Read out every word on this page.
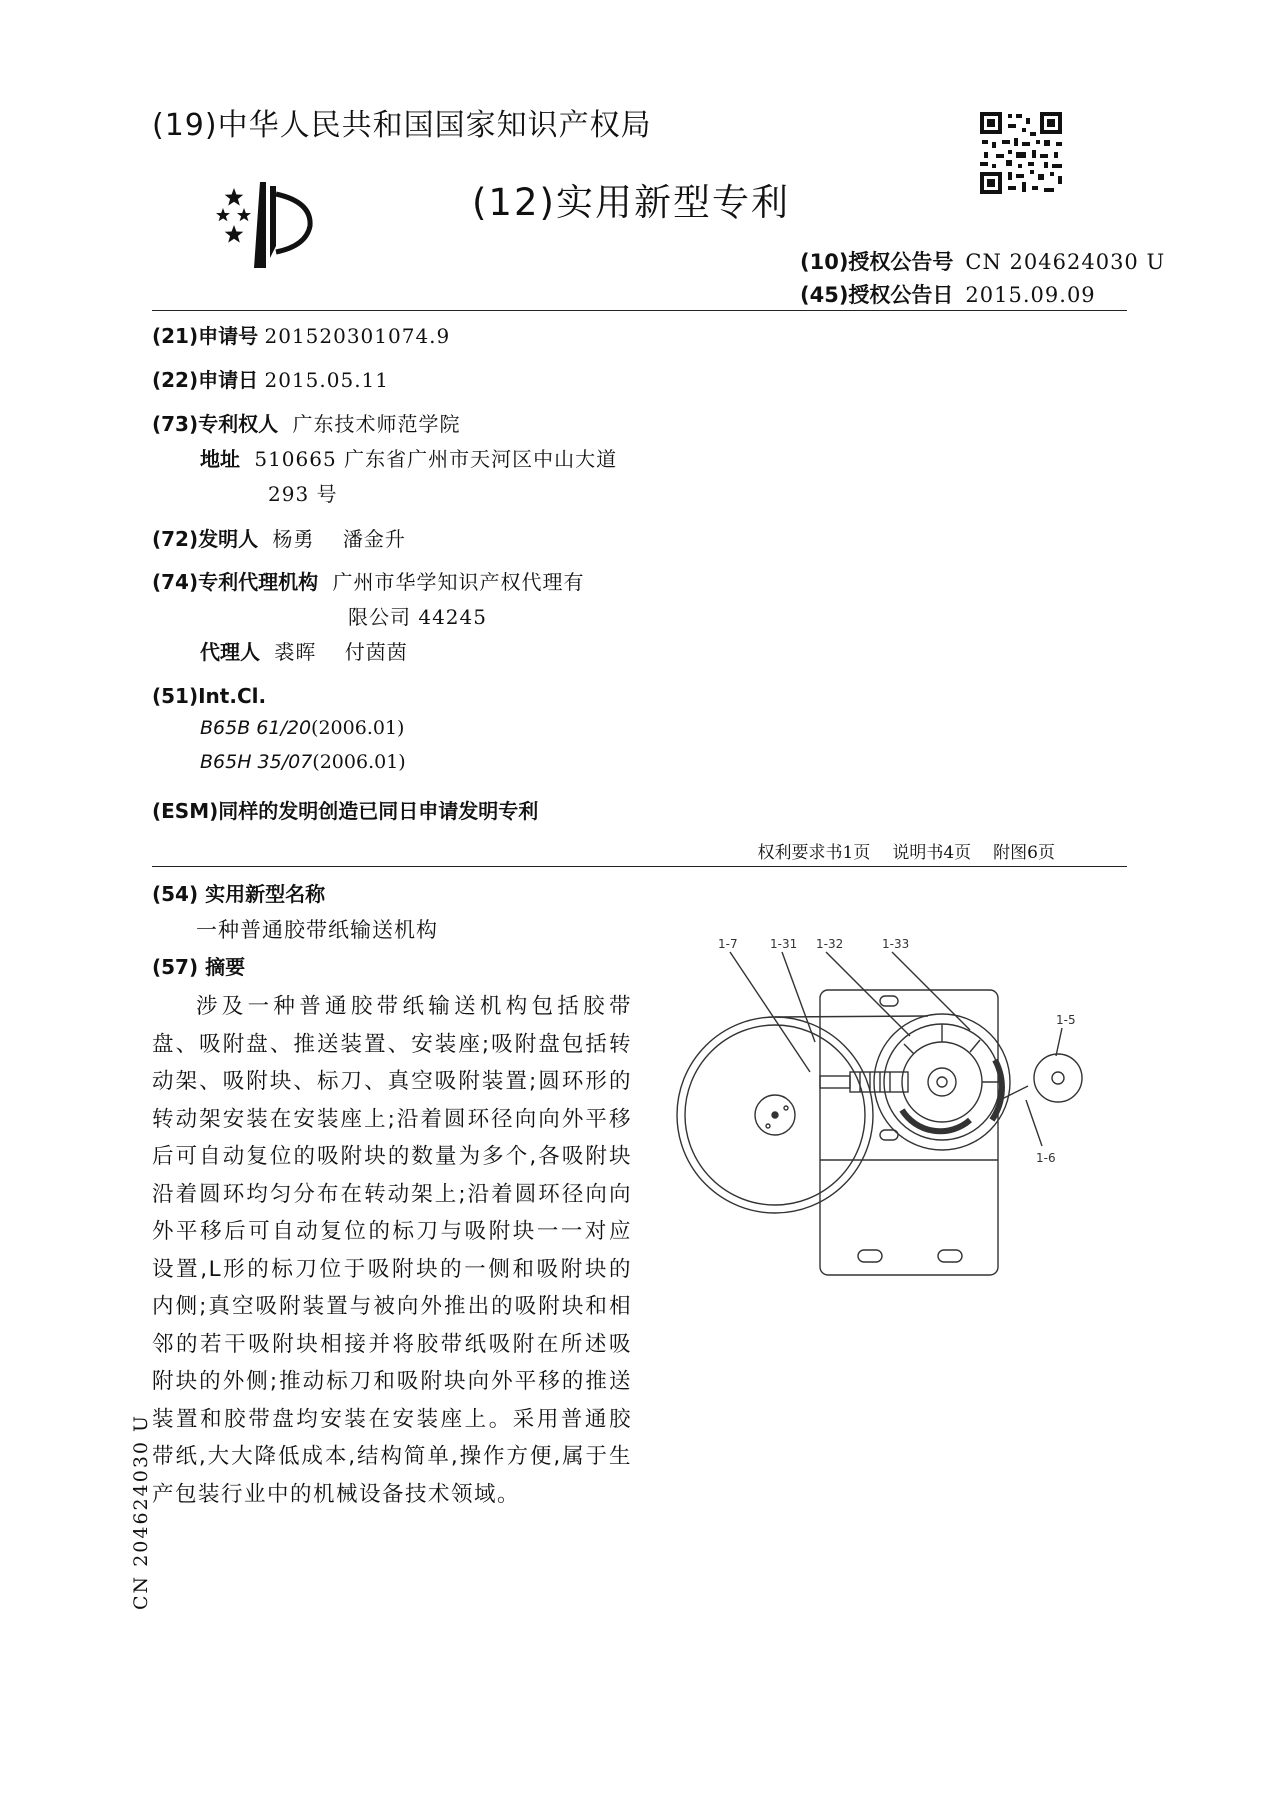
(19)中华人民共和国国家知识产权局
(12)实用新型专利
(10)授权公告号 CN 204624030 U
(45)授权公告日 2015.09.09
(21)申请号 201520301074.9
(22)申请日 2015.05.11
(73)专利权人 广东技术师范学院
地址 510665 广东省广州市天河区中山大道
293 号
(72)发明人 杨勇 潘金升
(74)专利代理机构 广州市华学知识产权代理有
限公司 44245
代理人 裘晖 付茵茵
(51)Int.Cl.
B65B 61/20(2006.01)
B65H 35/07(2006.01)
(ESM)同样的发明创造已同日申请发明专利
权利要求书1页 说明书4页 附图6页
(54) 实用新型名称
一种普通胶带纸输送机构
(57) 摘要
涉及一种普通胶带纸输送机构包括胶带盘、吸附盘、推送装置、安装座;吸附盘包括转动架、吸附块、标刀、真空吸附装置;圆环形的转动架安装在安装座上;沿着圆环径向向外平移后可自动复位的吸附块的数量为多个,各吸附块沿着圆环均匀分布在转动架上;沿着圆环径向向外平移后可自动复位的标刀与吸附块一一对应设置,L形的标刀位于吸附块的一侧和吸附块的内侧;真空吸附装置与被向外推出的吸附块和相邻的若干吸附块相接并将胶带纸吸附在所述吸附块的外侧;推动标刀和吸附块向外平移的推送装置和胶带盘均安装在安装座上。采用普通胶带纸,大大降低成本,结构简单,操作方便,属于生产包装行业中的机械设备技术领域。
1-7	1-31 1-32	1-33
1-5
1-6
CN 204624030 U
